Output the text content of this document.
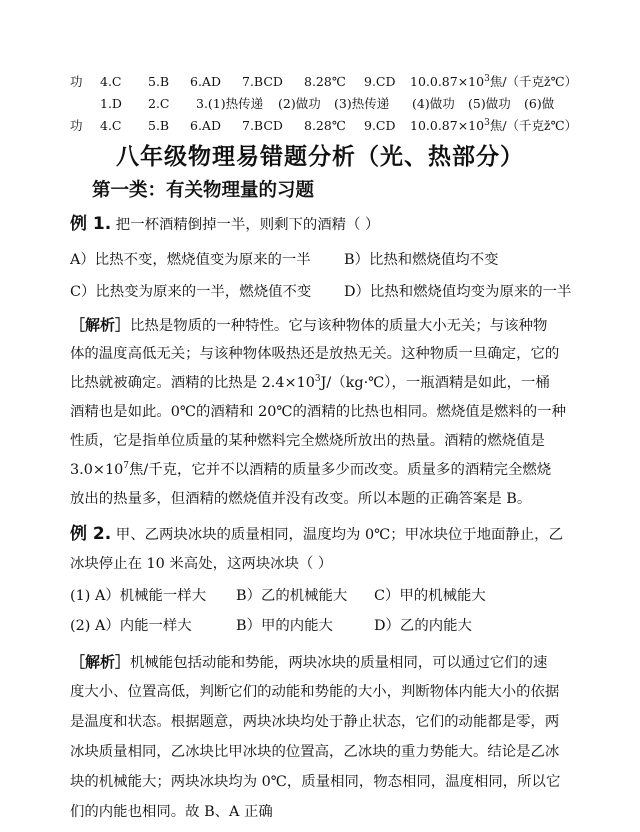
功 4.C 5.B 6.AD 7.BCD 8.28℃ 9.CD $10.0.87\times 10^3$焦/（千克ž℃）
1.D 2.C 3.(1)热传递 (2)做功 (3)热传递 (4)做功 (5)做功 (6)做
功 4.C 5.B 6.AD 7.BCD 8.28℃ 9.CD $10.0.87\times 10^3$焦/（千克ž℃）
八年级物理易错题分析（光、热部分）
第一类：有关物理量的习题
例 1. 把一杯酒精倒掉一半，则剩下的酒精（ ）
A）比热不变，燃烧值变为原来的一半 B）比热和燃烧值均不变
C）比热变为原来的一半，燃烧值不变 D）比热和燃烧值均变为原来的一半
［解析］比热是物质的一种特性。它与该种物体的质量大小无关；与该种物
体的温度高低无关；与该种物体吸热还是放热无关。这种物质一旦确定，它的
比热就被确定。酒精的比热是 $2.4\times 10^3J/(kg\cdot℃)$，一瓶酒精是如此，一桶
酒精也是如此。0℃的酒精和 20℃的酒精的比热也相同。燃烧值是燃料的一种
性质，它是指单位质量的某种燃料完全燃烧所放出的热量。酒精的燃烧值是
$3.0\times 10^7$焦/千克，它并不以酒精的质量多少而改变。质量多的酒精完全燃烧
放出的热量多，但酒精的燃烧值并没有改变。所以本题的正确答案是 B。
例 2. 甲、乙两块冰块的质量相同，温度均为 0℃；甲冰块位于地面静止，乙
冰块停止在 10 米高处，这两块冰块（ ）
(1) A）机械能一样大 B）乙的机械能大 C）甲的机械能大
(2) A）内能一样大	B）甲的内能大	D）乙的内能大
［解析］机械能包括动能和势能，两块冰块的质量相同，可以通过它们的速
度大小、位置高低，判断它们的动能和势能的大小，判断物体内能大小的依据
是温度和状态。根据题意，两块冰块均处于静止状态，它们的动能都是零，两
冰块质量相同，乙冰块比甲冰块的位置高，乙冰块的重力势能大。结论是乙冰
块的机械能大；两块冰块均为 0℃，质量相同，物态相同，温度相同，所以它
们的内能也相同。故 B、A 正确
